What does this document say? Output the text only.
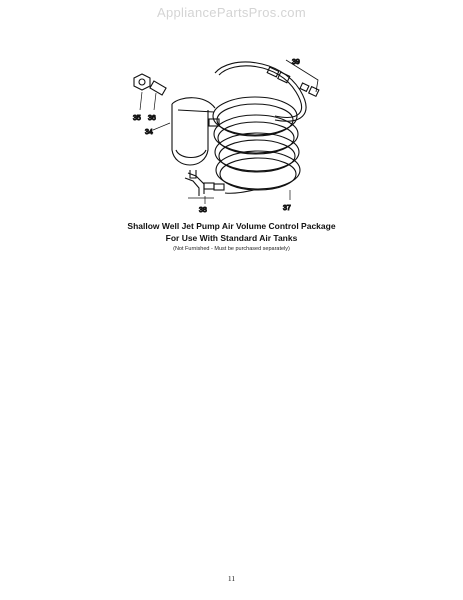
AppliancePartsPros.com
39
35 36
34
38	37
Shallow Well Jet Pump Air Volume Control Package
For Use With Standard Air Tanks
(Not Furnished - Must be purchased separately)
11
